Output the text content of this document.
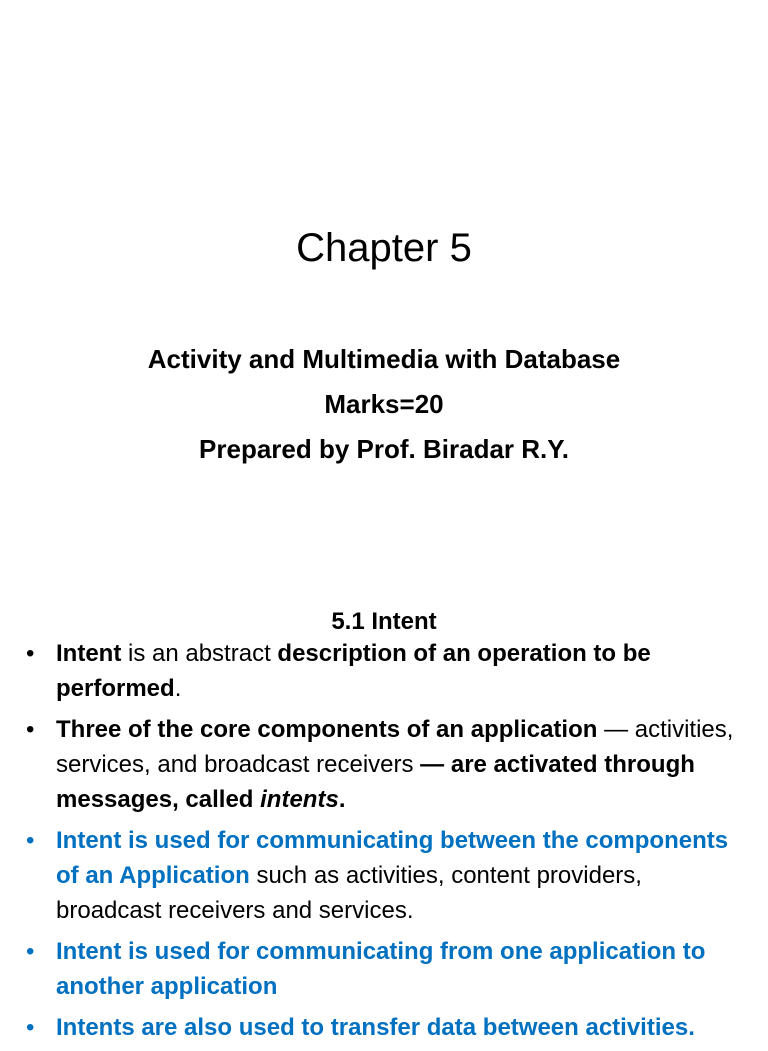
Chapter 5
Activity and Multimedia with Database
Marks=20
Prepared by Prof. Biradar R.Y.
5.1 Intent
• Intent is an abstract description of an operation to be performed.
• Three of the core components of an application — activities, services, and broadcast receivers — are activated through messages, called intents.
• Intent is used for communicating between the components of an Application such as activities, content providers, broadcast receivers and services.
• Intent is used for communicating from one application to another application
• Intents are also used to transfer data between activities.
